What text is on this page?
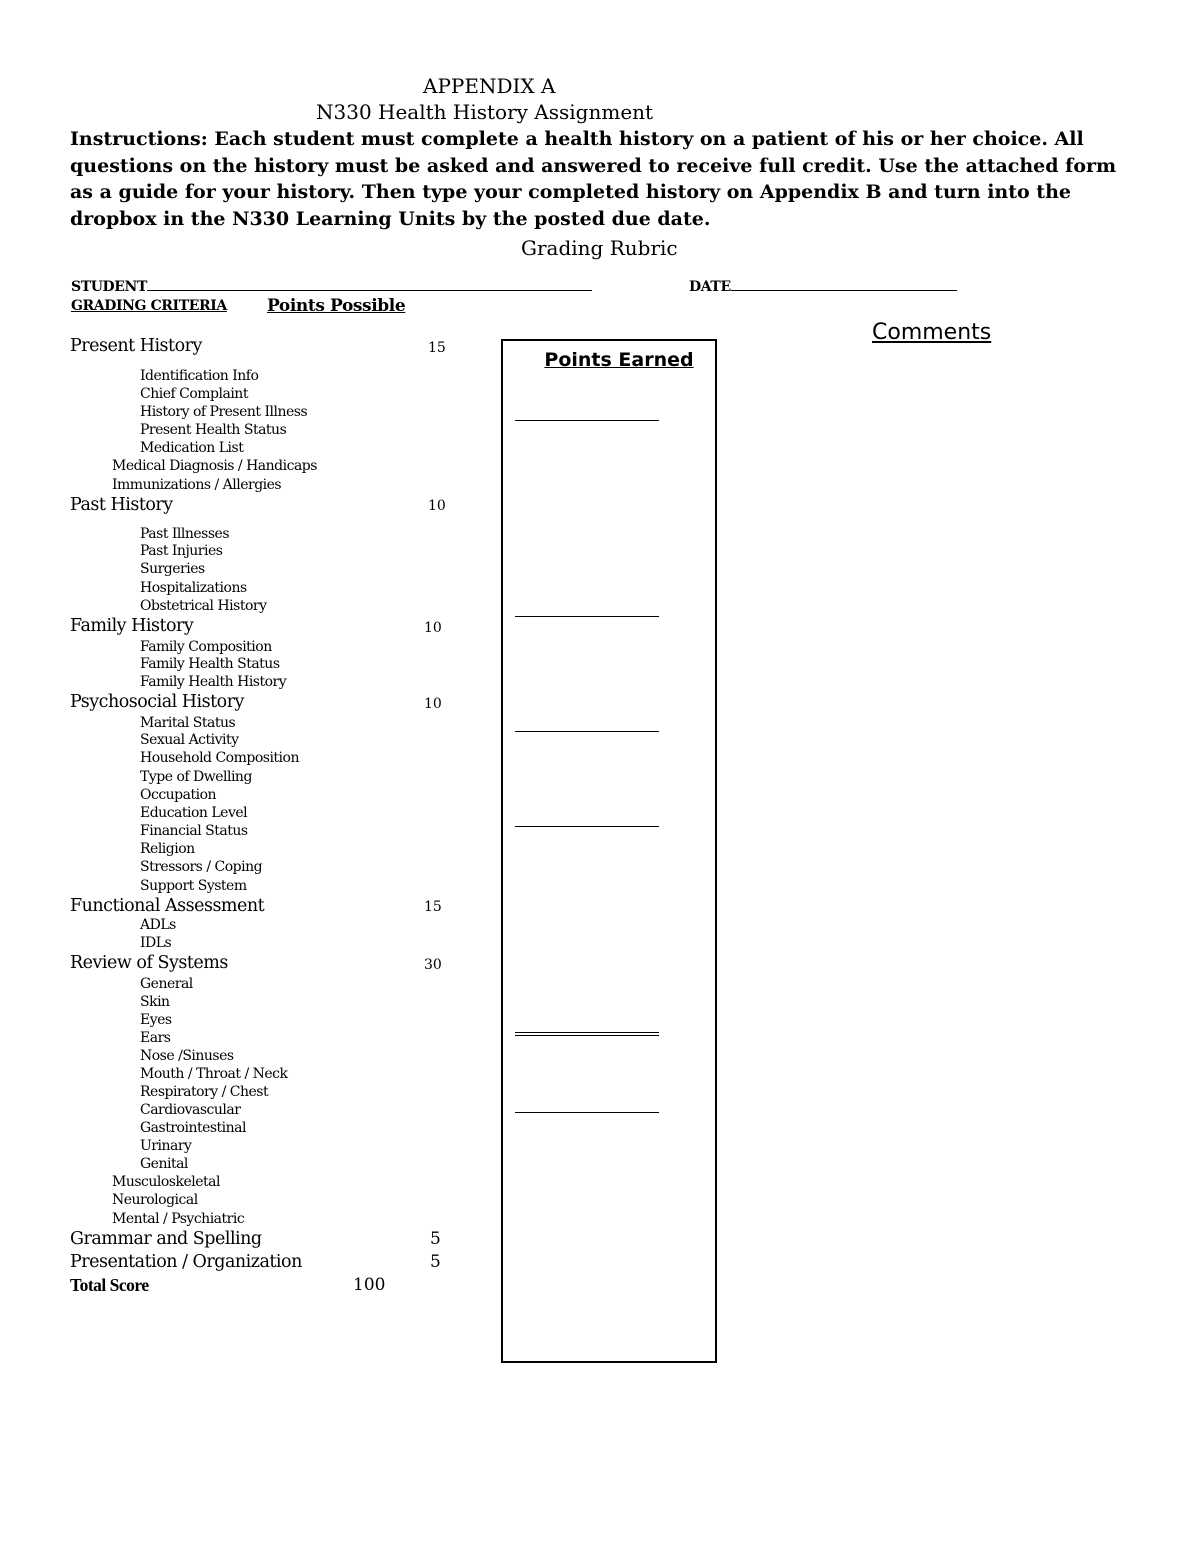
APPENDIX A
N330 Health History Assignment
Instructions: Each student must complete a health history on a patient of his or her choice. All questions on the history must be asked and answered to receive full credit. Use the attached form as a guide for your history. Then type your completed history on Appendix B and turn into the dropbox in the N330 Learning Units by the posted due date.
Grading Rubric
STUDENT	DATE
GRADING CRITERIA Points Possible
Comments
Points Earned
Present History	15
Identification Info
Chief Complaint
History of Present Illness
Present Health Status
Medication List
Medical Diagnosis / Handicaps
Immunizations / Allergies
Past History	10
Past Illnesses
Past Injuries
Surgeries
Hospitalizations
Obstetrical History
Family History	10
Family Composition
Family Health Status
Family Health History
Psychosocial History	10
Marital Status
Sexual Activity
Household Composition
Type of Dwelling
Occupation
Education Level
Financial Status
Religion
Stressors / Coping
Support System
Functional Assessment	15
ADLs
IDLs
Review of Systems	30
General
Skin
Eyes
Ears
Nose /Sinuses
Mouth / Throat / Neck
Respiratory / Chest
Cardiovascular
Gastrointestinal
Urinary
Genital
Musculoskeletal
Neurological
Mental / Psychiatric
Grammar and Spelling	5
Presentation / Organization	5
Total Score	100
